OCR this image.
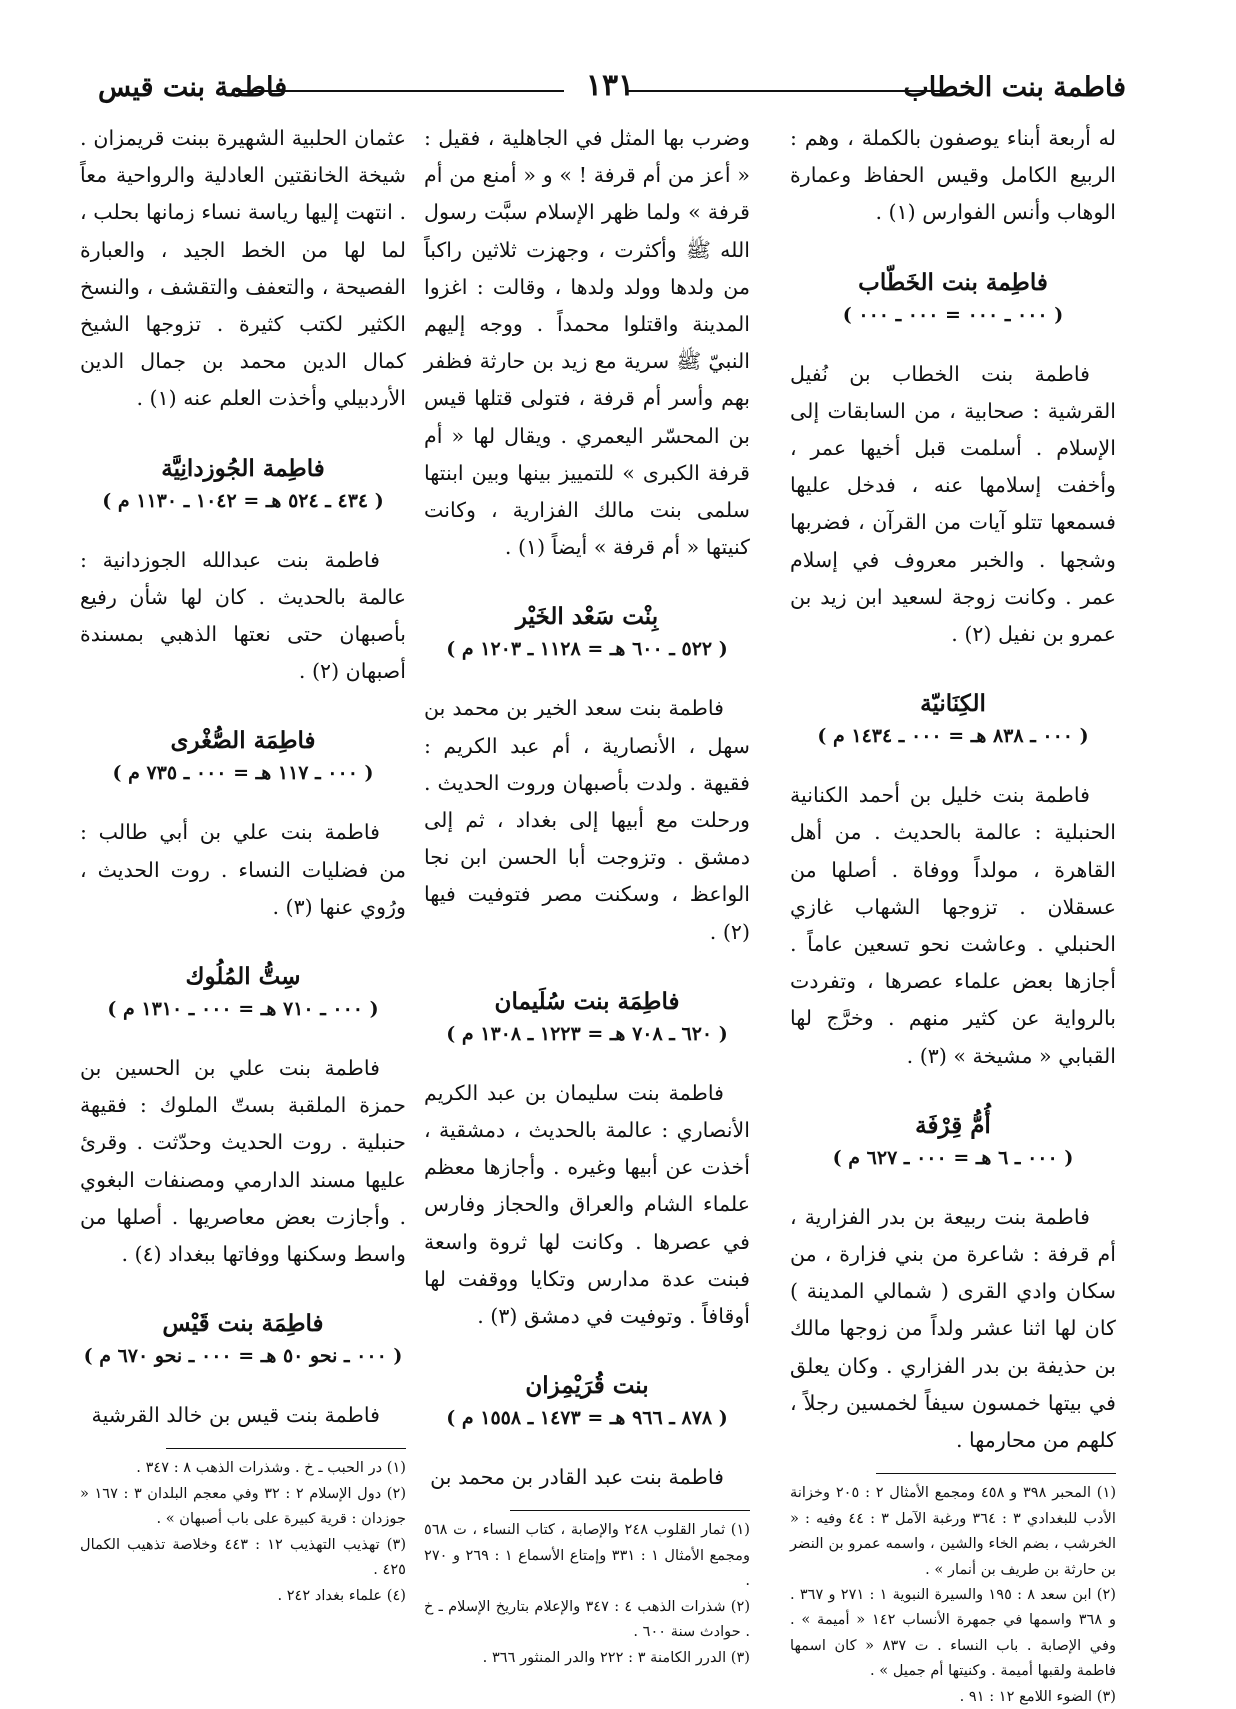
فاطمة بنت الخطاب
١٣١
فاطمة بنت قيس

له أربعة أبناء يوصفون بالكملة ، وهم : الربيع الكامل وقيس الحفاظ وعمارة الوهاب وأنس الفوارس (١) .

فاطِمة بنت الخَطّاب
( ٠٠٠ ـ ٠٠٠ = ٠٠٠ ـ ٠٠٠ )

فاطمة بنت الخطاب بن نُفيل القرشية : صحابية ، من السابقات إلى الإسلام . أسلمت قبل أخيها عمر ، وأخفت إسلامها عنه ، فدخل عليها فسمعها تتلو آيات من القرآن ، فضربها وشجها . والخبر معروف في إسلام عمر . وكانت زوجة لسعيد ابن زيد بن عمرو بن نفيل (٢) .

الكِنَانيّة
( ٠٠٠ ـ ٨٣٨ هـ = ٠٠٠ ـ ١٤٣٤ م )

فاطمة بنت خليل بن أحمد الكنانية الحنبلية : عالمة بالحديث . من أهل القاهرة ، مولداً ووفاة . أصلها من عسقلان . تزوجها الشهاب غازي الحنبلي . وعاشت نحو تسعين عاماً . أجازها بعض علماء عصرها ، وتفردت بالرواية عن كثير منهم . وخرَّج لها القبابي « مشيخة » (٣) .

أُمُّ قِرْفَة
( ٠٠٠ ـ ٦ هـ = ٠٠٠ ـ ٦٢٧ م )

فاطمة بنت ربيعة بن بدر الفزارية ، أم قرفة : شاعرة من بني فزارة ، من سكان وادي القرى ( شمالي المدينة ) كان لها اثنا عشر ولداً من زوجها مالك بن حذيفة بن بدر الفزاري . وكان يعلق في بيتها خمسون سيفاً لخمسين رجلاً ، كلهم من محارمها .

(١) المحبر ٣٩٨ و ٤٥٨ ومجمع الأمثال ٢ : ٢٠٥ وخزانة الأدب للبغدادي ٣ : ٣٦٤ ورغبة الآمل ٣ : ٤٤ وفيه : « الخرشب ، بضم الخاء والشين ، واسمه عمرو بن النضر بن حارثة بن طريف بن أنمار » .

(٢) ابن سعد ٨ : ١٩٥ والسيرة النبوية ١ : ٢٧١ و ٣٦٧ . و ٣٦٨ واسمها في جمهرة الأنساب ١٤٢ « أميمة » . وفي الإصابة . باب النساء . ت ٨٣٧ « كان اسمها فاطمة ولقبها أميمة . وكنيتها أم جميل » .

(٣) الضوء اللامع ١٢ : ٩١ .

وضرب بها المثل في الجاهلية ، فقيل : « أعز من أم قرفة ! » و « أمنع من أم قرفة » ولما ظهر الإسلام سبَّت رسول الله ﷺ وأكثرت ، وجهزت ثلاثين راكباً من ولدها وولد ولدها ، وقالت : اغزوا المدينة واقتلوا محمداً . ووجه إليهم النبيّ ﷺ سرية مع زيد بن حارثة فظفر بهم وأسر أم قرفة ، فتولى قتلها قيس بن المحسّر اليعمري . ويقال لها « أم قرفة الكبرى » للتمييز بينها وبين ابنتها سلمى بنت مالك الفزارية ، وكانت كنيتها « أم قرفة » أيضاً (١) .

بِنْت سَعْد الخَيْر
( ٥٢٢ ـ ٦٠٠ هـ = ١١٢٨ ـ ١٢٠٣ م )

فاطمة بنت سعد الخير بن محمد بن سهل ، الأنصارية ، أم عبد الكريم : فقيهة . ولدت بأصبهان وروت الحديث . ورحلت مع أبيها إلى بغداد ، ثم إلى دمشق . وتزوجت أبا الحسن ابن نجا الواعظ ، وسكنت مصر فتوفيت فيها (٢) .

فاطِمَة بنت سُلَيمان
( ٦٢٠ ـ ٧٠٨ هـ = ١٢٢٣ ـ ١٣٠٨ م )

فاطمة بنت سليمان بن عبد الكريم الأنصاري : عالمة بالحديث ، دمشقية ، أخذت عن أبيها وغيره . وأجازها معظم علماء الشام والعراق والحجاز وفارس في عصرها . وكانت لها ثروة واسعة فبنت عدة مدارس وتكايا ووقفت لها أوقافاً . وتوفيت في دمشق (٣) .

بنت قُرَيْمِزان
( ٨٧٨ ـ ٩٦٦ هـ = ١٤٧٣ ـ ١٥٥٨ م )

فاطمة بنت عبد القادر بن محمد بن

(١) ثمار القلوب ٢٤٨ والإصابة ، كتاب النساء ، ت ٥٦٨ ومجمع الأمثال ١ : ٣٣١ وإمتاع الأسماع ١ : ٢٦٩ و ٢٧٠ .

(٢) شذرات الذهب ٤ : ٣٤٧ والإعلام بتاريخ الإسلام ـ خ . حوادث سنة ٦٠٠ .

(٣) الدرر الكامنة ٣ : ٢٢٢ والدر المنثور ٣٦٦ .

عثمان الحلبية الشهيرة ببنت قريمزان . شيخة الخانقتين العادلية والرواحية معاً . انتهت إليها رياسة نساء زمانها بحلب ، لما لها من الخط الجيد ، والعبارة الفصيحة ، والتعفف والتقشف ، والنسخ الكثير لكتب كثيرة . تزوجها الشيخ كمال الدين محمد بن جمال الدين الأردبيلي وأخذت العلم عنه (١) .

فاطِمة الجُوزدانِيَّة
( ٤٣٤ ـ ٥٢٤ هـ = ١٠٤٢ ـ ١١٣٠ م )

فاطمة بنت عبدالله الجوزدانية : عالمة بالحديث . كان لها شأن رفيع بأصبهان حتى نعتها الذهبي بمسندة أصبهان (٢) .

فاطِمَة الصُّغْرى
( ٠٠٠ ـ ١١٧ هـ = ٠٠٠ ـ ٧٣٥ م )

فاطمة بنت علي بن أبي طالب : من فضليات النساء . روت الحديث ، ورُوي عنها (٣) .

سِتُّ المُلُوك
( ٠٠٠ ـ ٧١٠ هـ = ٠٠٠ ـ ١٣١٠ م )

فاطمة بنت علي بن الحسين بن حمزة الملقبة بستّ الملوك : فقيهة حنبلية . روت الحديث وحدّثت . وقرئ عليها مسند الدارمي ومصنفات البغوي . وأجازت بعض معاصريها . أصلها من واسط وسكنها ووفاتها ببغداد (٤) .

فاطِمَة بنت قَيْس
( ٠٠٠ ـ نحو ٥٠ هـ = ٠٠٠ ـ نحو ٦٧٠ م )

فاطمة بنت قيس بن خالد القرشية

(١) در الحبب ـ خ . وشذرات الذهب ٨ : ٣٤٧ .

(٢) دول الإسلام ٢ : ٣٢ وفي معجم البلدان ٣ : ١٦٧ « جوزدان : قرية كبيرة على باب أصبهان » .

(٣) تهذيب التهذيب ١٢ : ٤٤٣ وخلاصة تذهيب الكمال ٤٢٥ .

(٤) علماء بغداد ٢٤٢ .
